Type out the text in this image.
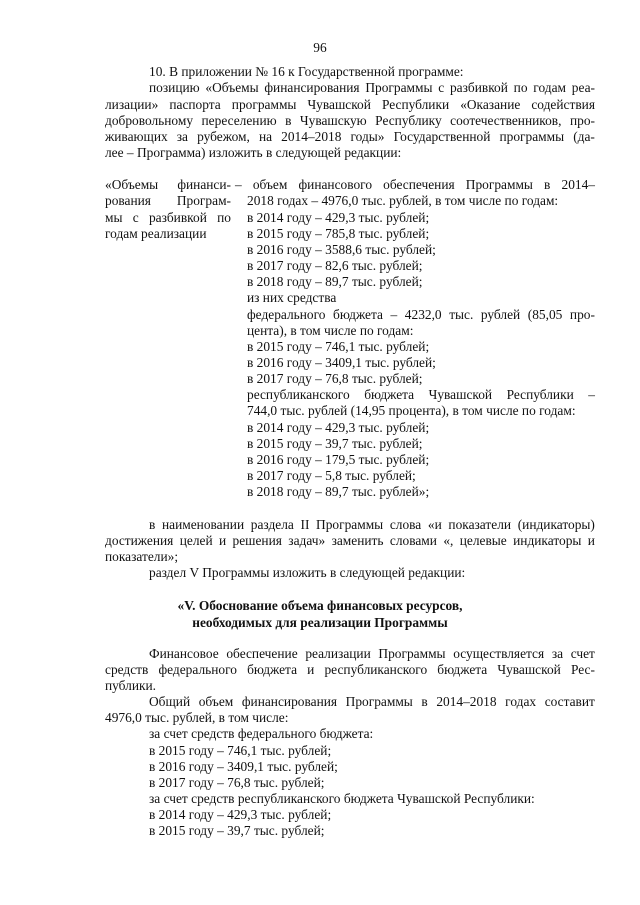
96
10. В приложении № 16 к Государственной программе:
позицию «Объемы финансирования Программы с разбивкой по годам реа-
лизации» паспорта программы Чувашской Республики «Оказание содействия
добровольному переселению в Чувашскую Республику соотечественников, про-
живающих за рубежом, на 2014–2018 годы» Государственной программы (да-
лее – Программа) изложить в следующей редакции:
«Объемы финанси-
рования Програм-
мы с разбивкой по
годам реализации
– объем финансового обеспечения Программы в 2014–
2018 годах – 4976,0 тыс. рублей, в том числе по годам:
в 2014 году – 429,3 тыс. рублей;
в 2015 году – 785,8 тыс. рублей;
в 2016 году – 3588,6 тыс. рублей;
в 2017 году – 82,6 тыс. рублей;
в 2018 году – 89,7 тыс. рублей;
из них средства
федерального бюджета – 4232,0 тыс. рублей (85,05 про-
цента), в том числе по годам:
в 2015 году – 746,1 тыс. рублей;
в 2016 году – 3409,1 тыс. рублей;
в 2017 году – 76,8 тыс. рублей;
республиканского бюджета Чувашской Республики –
744,0 тыс. рублей (14,95 процента), в том числе по годам:
в 2014 году – 429,3 тыс. рублей;
в 2015 году – 39,7 тыс. рублей;
в 2016 году – 179,5 тыс. рублей;
в 2017 году – 5,8 тыс. рублей;
в 2018 году – 89,7 тыс. рублей»;
в наименовании раздела II Программы слова «и показатели (индикаторы)
достижения целей и решения задач» заменить словами «, целевые индикаторы и
показатели»;
раздел V Программы изложить в следующей редакции:
«V. Обоснование объема финансовых ресурсов,
необходимых для реализации Программы
Финансовое обеспечение реализации Программы осуществляется за счет
средств федерального бюджета и республиканского бюджета Чувашской Рес-
публики.
Общий объем финансирования Программы в 2014–2018 годах составит
4976,0 тыс. рублей, в том числе:
за счет средств федерального бюджета:
в 2015 году – 746,1 тыс. рублей;
в 2016 году – 3409,1 тыс. рублей;
в 2017 году – 76,8 тыс. рублей;
за счет средств республиканского бюджета Чувашской Республики:
в 2014 году – 429,3 тыс. рублей;
в 2015 году – 39,7 тыс. рублей;
